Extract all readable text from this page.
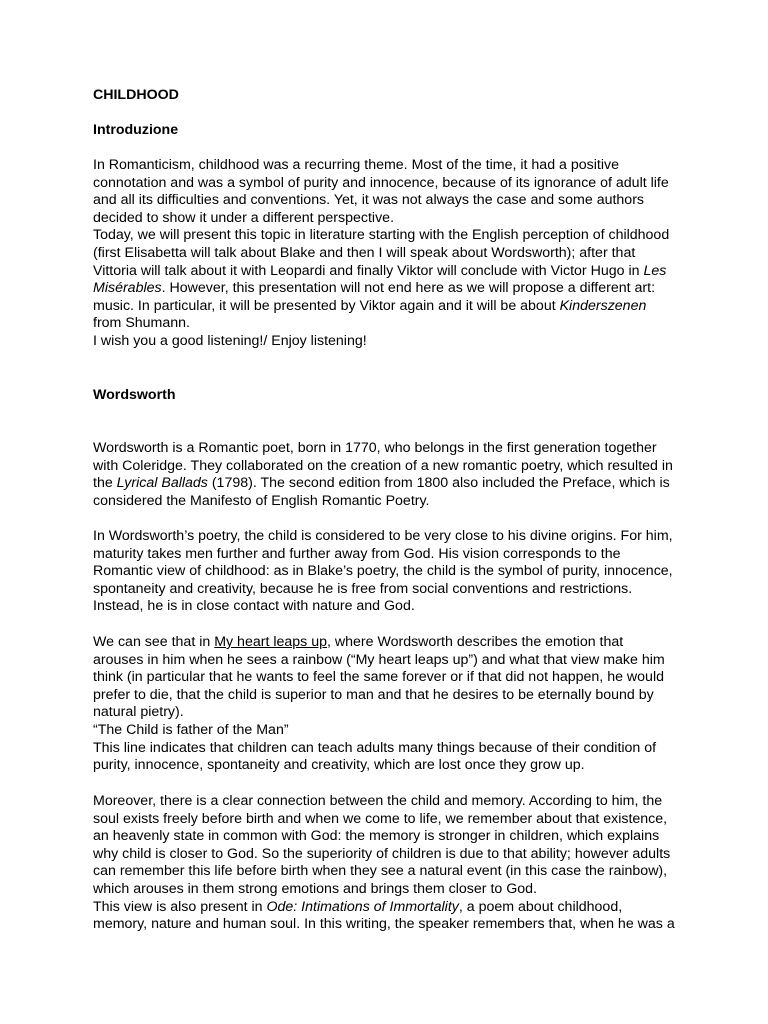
CHILDHOOD
Introduzione
In Romanticism, childhood was a recurring theme. Most of the time, it had a positive
connotation and was a symbol of purity and innocence, because of its ignorance of adult life
and all its difficulties and conventions. Yet, it was not always the case and some authors
decided to show it under a different perspective.
Today, we will present this topic in literature starting with the English perception of childhood
(first Elisabetta will talk about Blake and then I will speak about Wordsworth); after that
Vittoria will talk about it with Leopardi and finally Viktor will conclude with Victor Hugo in Les
Misérables. However, this presentation will not end here as we will propose a different art:
music. In particular, it will be presented by Viktor again and it will be about Kinderszenen
from Shumann.
I wish you a good listening!/ Enjoy listening!
Wordsworth
Wordsworth is a Romantic poet, born in 1770, who belongs in the first generation together
with Coleridge. They collaborated on the creation of a new romantic poetry, which resulted in
the Lyrical Ballads (1798). The second edition from 1800 also included the Preface, which is
considered the Manifesto of English Romantic Poetry.
In Wordsworth’s poetry, the child is considered to be very close to his divine origins. For him,
maturity takes men further and further away from God. His vision corresponds to the
Romantic view of childhood: as in Blake’s poetry, the child is the symbol of purity, innocence,
spontaneity and creativity, because he is free from social conventions and restrictions.
Instead, he is in close contact with nature and God.
We can see that in My heart leaps up, where Wordsworth describes the emotion that
arouses in him when he sees a rainbow (“My heart leaps up”) and what that view make him
think (in particular that he wants to feel the same forever or if that did not happen, he would
prefer to die, that the child is superior to man and that he desires to be eternally bound by
natural pietry).
“The Child is father of the Man”
This line indicates that children can teach adults many things because of their condition of
purity, innocence, spontaneity and creativity, which are lost once they grow up.
Moreover, there is a clear connection between the child and memory. According to him, the
soul exists freely before birth and when we come to life, we remember about that existence,
an heavenly state in common with God: the memory is stronger in children, which explains
why child is closer to God. So the superiority of children is due to that ability; however adults
can remember this life before birth when they see a natural event (in this case the rainbow),
which arouses in them strong emotions and brings them closer to God.
This view is also present in Ode: Intimations of Immortality, a poem about childhood,
memory, nature and human soul. In this writing, the speaker remembers that, when he was a
